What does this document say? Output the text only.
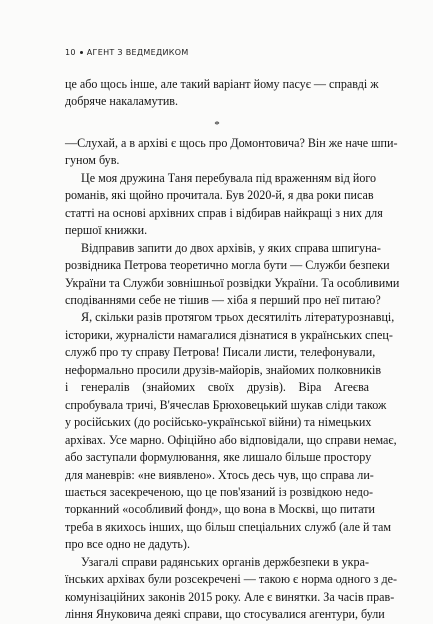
10 АГЕНТ З ВЕДМЕДИКОМ
це або щось інше, але такий варіант йому пасує — справді ж
добряче накаламутив.
*
—Слухай, а в архіві є щось про Домонтовича? Він же наче шпи-
гуном був.
Це моя дружина Таня перебувала під враженням від його
романів, які щойно прочитала. Був 2020-й, я два роки писав
статті на основі архівних справ і відбирав найкращі з них для
першої книжки.
Відправив запити до двох архівів, у яких справа шпигуна-
розвідника Петрова теоретично могла бути — Служби безпеки
України та Служби зовнішньої розвідки України. Та особливими
сподіваннями себе не тішив — хіба я перший про неї питаю?
Я, скільки разів протягом трьох десятиліть літературознавці,
історики, журналісти намагалися дізнатися в українських спец-
служб про ту справу Петрова! Писали листи, телефонували,
неформально просили друзів-майорів, знайомих полковників
і генералів (знайомих своїх друзів). Віра Агеєва
спробувала тричі, В'ячеслав Брюховецький шукав сліди також
у російських (до російсько-української війни) та німецьких
архівах. Усе марно. Офіційно або відповідали, що справи немає,
або заступали формулювання, яке лишало більше простору
для маневрів: «не виявлено». Хтось десь чув, що справа ли-
шається засекреченою, що це пов'язаний із розвідкою недо-
торканний «особливий фонд», що вона в Москві, що питати
треба в якихось інших, що більш спеціальних служб (але й там
про все одно не дадуть).
Узагалі справи радянських органів держбезпеки в укра-
їнських архівах були розсекречені — такою є норма одного з де-
комунізаційних законів 2015 року. Але є винятки. За часів прав-
ління Януковича деякі справи, що стосувалися агентури, були
